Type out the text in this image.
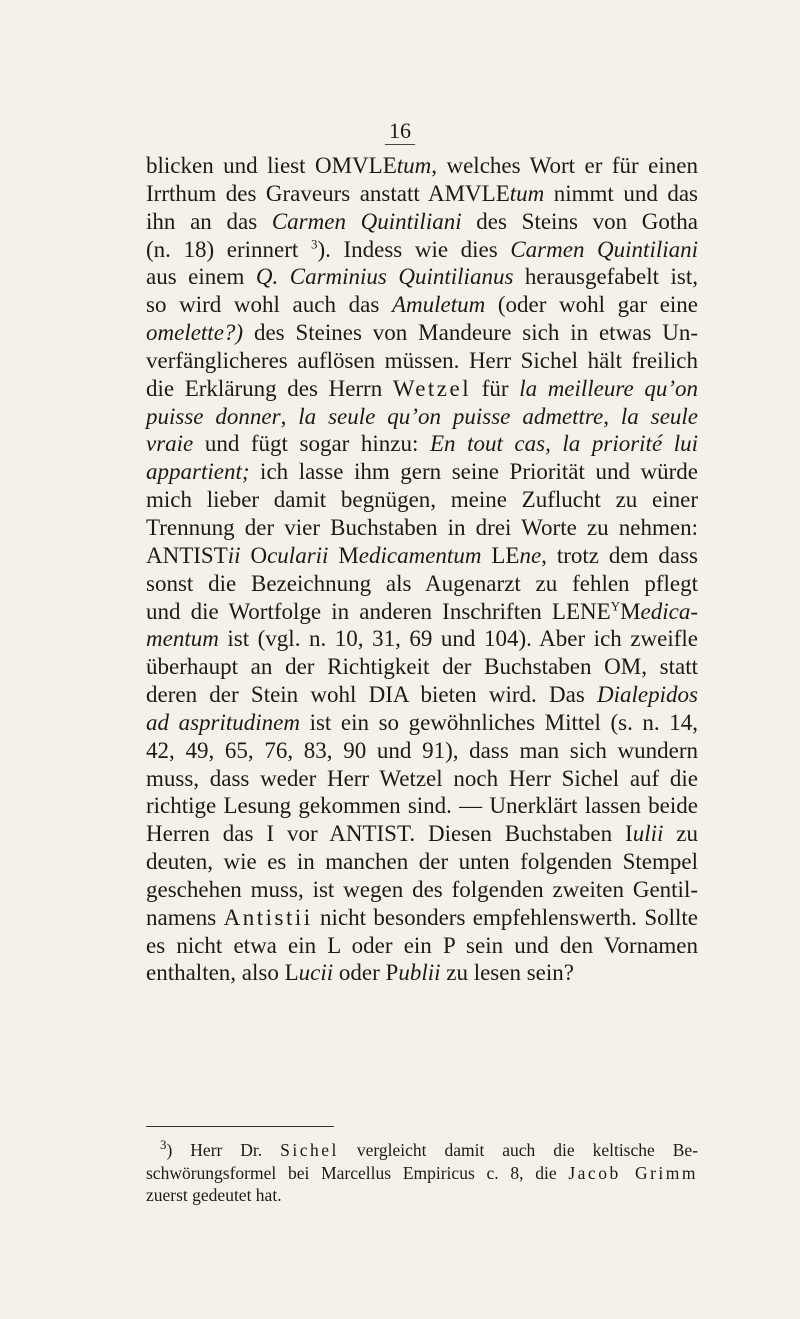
16
blicken und liest OMVLEtum, welches Wort er für einen
Irrthum des Graveurs anstatt AMVLEtum nimmt und das
ihn an das Carmen Quintiliani des Steins von Gotha
(n. 18) erinnert $^3$). Indess wie dies Carmen Quintiliani
aus einem Q. Carminius Quintilianus herausgefabelt ist,
so wird wohl auch das Amuletum (oder wohl gar eine
omelette?) des Steines von Mandeure sich in etwas Un-
verfänglicheres auflösen müssen. Herr Sichel hält freilich
die Erklärung des Herrn Wetzel für la meilleure qu’on
puisse donner, la seule qu’on puisse admettre, la seule
vraie und fügt sogar hinzu: En tout cas, la priorité lui
appartient; ich lasse ihm gern seine Priorität und würde
mich lieber damit begnügen, meine Zuflucht zu einer
Trennung der vier Buchstaben in drei Worte zu nehmen:
ANTISTii Ocularii Medicamentum LEne, trotz dem dass
sonst die Bezeichnung als Augenarzt zu fehlen pflegt
und die Wortfolge in anderen Inschriften $LENE^YMedica-$
mentum ist (vgl. n. 10, 31, 69 und 104). Aber ich zweifle
überhaupt an der Richtigkeit der Buchstaben OM, statt
deren der Stein wohl DIA bieten wird. Das Dialepidos
ad aspritudinem ist ein so gewöhnliches Mittel (s. n. 14,
42, 49, 65, 76, 83, 90 und 91), dass man sich wundern
muss, dass weder Herr Wetzel noch Herr Sichel auf die
richtige Lesung gekommen sind. — Unerklärt lassen beide
Herren das I vor ANTIST. Diesen Buchstaben Iulii zu
deuten, wie es in manchen der unten folgenden Stempel
geschehen muss, ist wegen des folgenden zweiten Gentil-
namens Antistii nicht besonders empfehlenswerth. Sollte
es nicht etwa ein L oder ein P sein und den Vornamen
enthalten, also Lucii oder Publii zu lesen sein?
$^3$) Herr Dr. Sichel vergleicht damit auch die keltische Be-
schwörungsformel bei Marcellus Empiricus c. 8, die Jacob Grimm
zuerst gedeutet hat.
